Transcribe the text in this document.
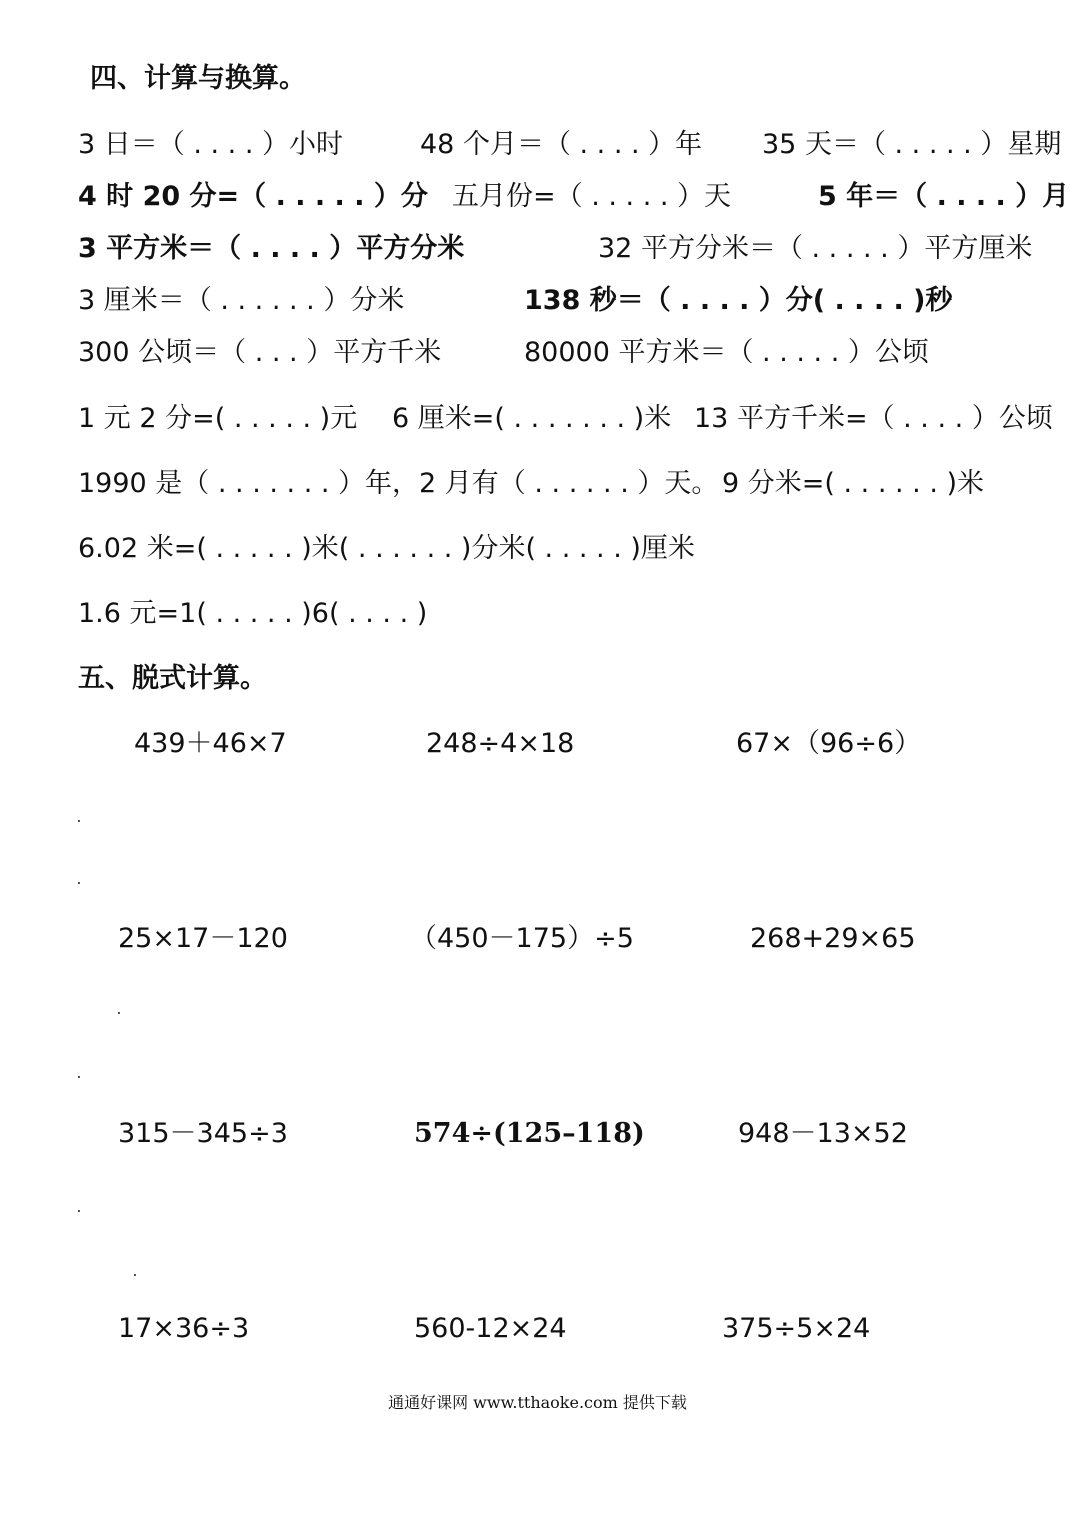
四、计算与换算。
3 日＝（ . . . . ）小时	48 个月＝（ . . . . ）年 35 天＝（ . . . . . ）星期
4 时 20 分=（ . . . . . ）分 五月份=（ . . . . . ）天	5 年＝（ . . . . ）月
3 平方米＝（ . . . . ）平方分米	32 平方分米＝（ . . . . . ）平方厘米
3 厘米＝（ . . . . . . ）分米	138 秒＝（ . . . . ）分( . . . . )秒
300 公顷＝（ . . . ）平方千米	80000 平方米＝（ . . . . . ）公顷
1 元 2 分=( . . . . . )元 6 厘米=( . . . . . . . )米 13 平方千米=（ . . . . ）公顷
1990 是（ . . . . . . . ）年，2 月有（ . . . . . . ）天。 9 分米=( . . . . . . )米
6.02 米=( . . . . . )米( . . . . . . )分米( . . . . . )厘米
1.6 元=1( . . . . . )6( . . . . )
五、脱式计算。
439＋46×7	248÷4×18	67×（96÷6）
25×17－120	（450－175）÷5	268+29×65
315－345÷3	574÷(125–118)	948－13×52
17×36÷3	560-12×24	375÷5×24
通通好课网 www.tthaoke.com 提供下载
